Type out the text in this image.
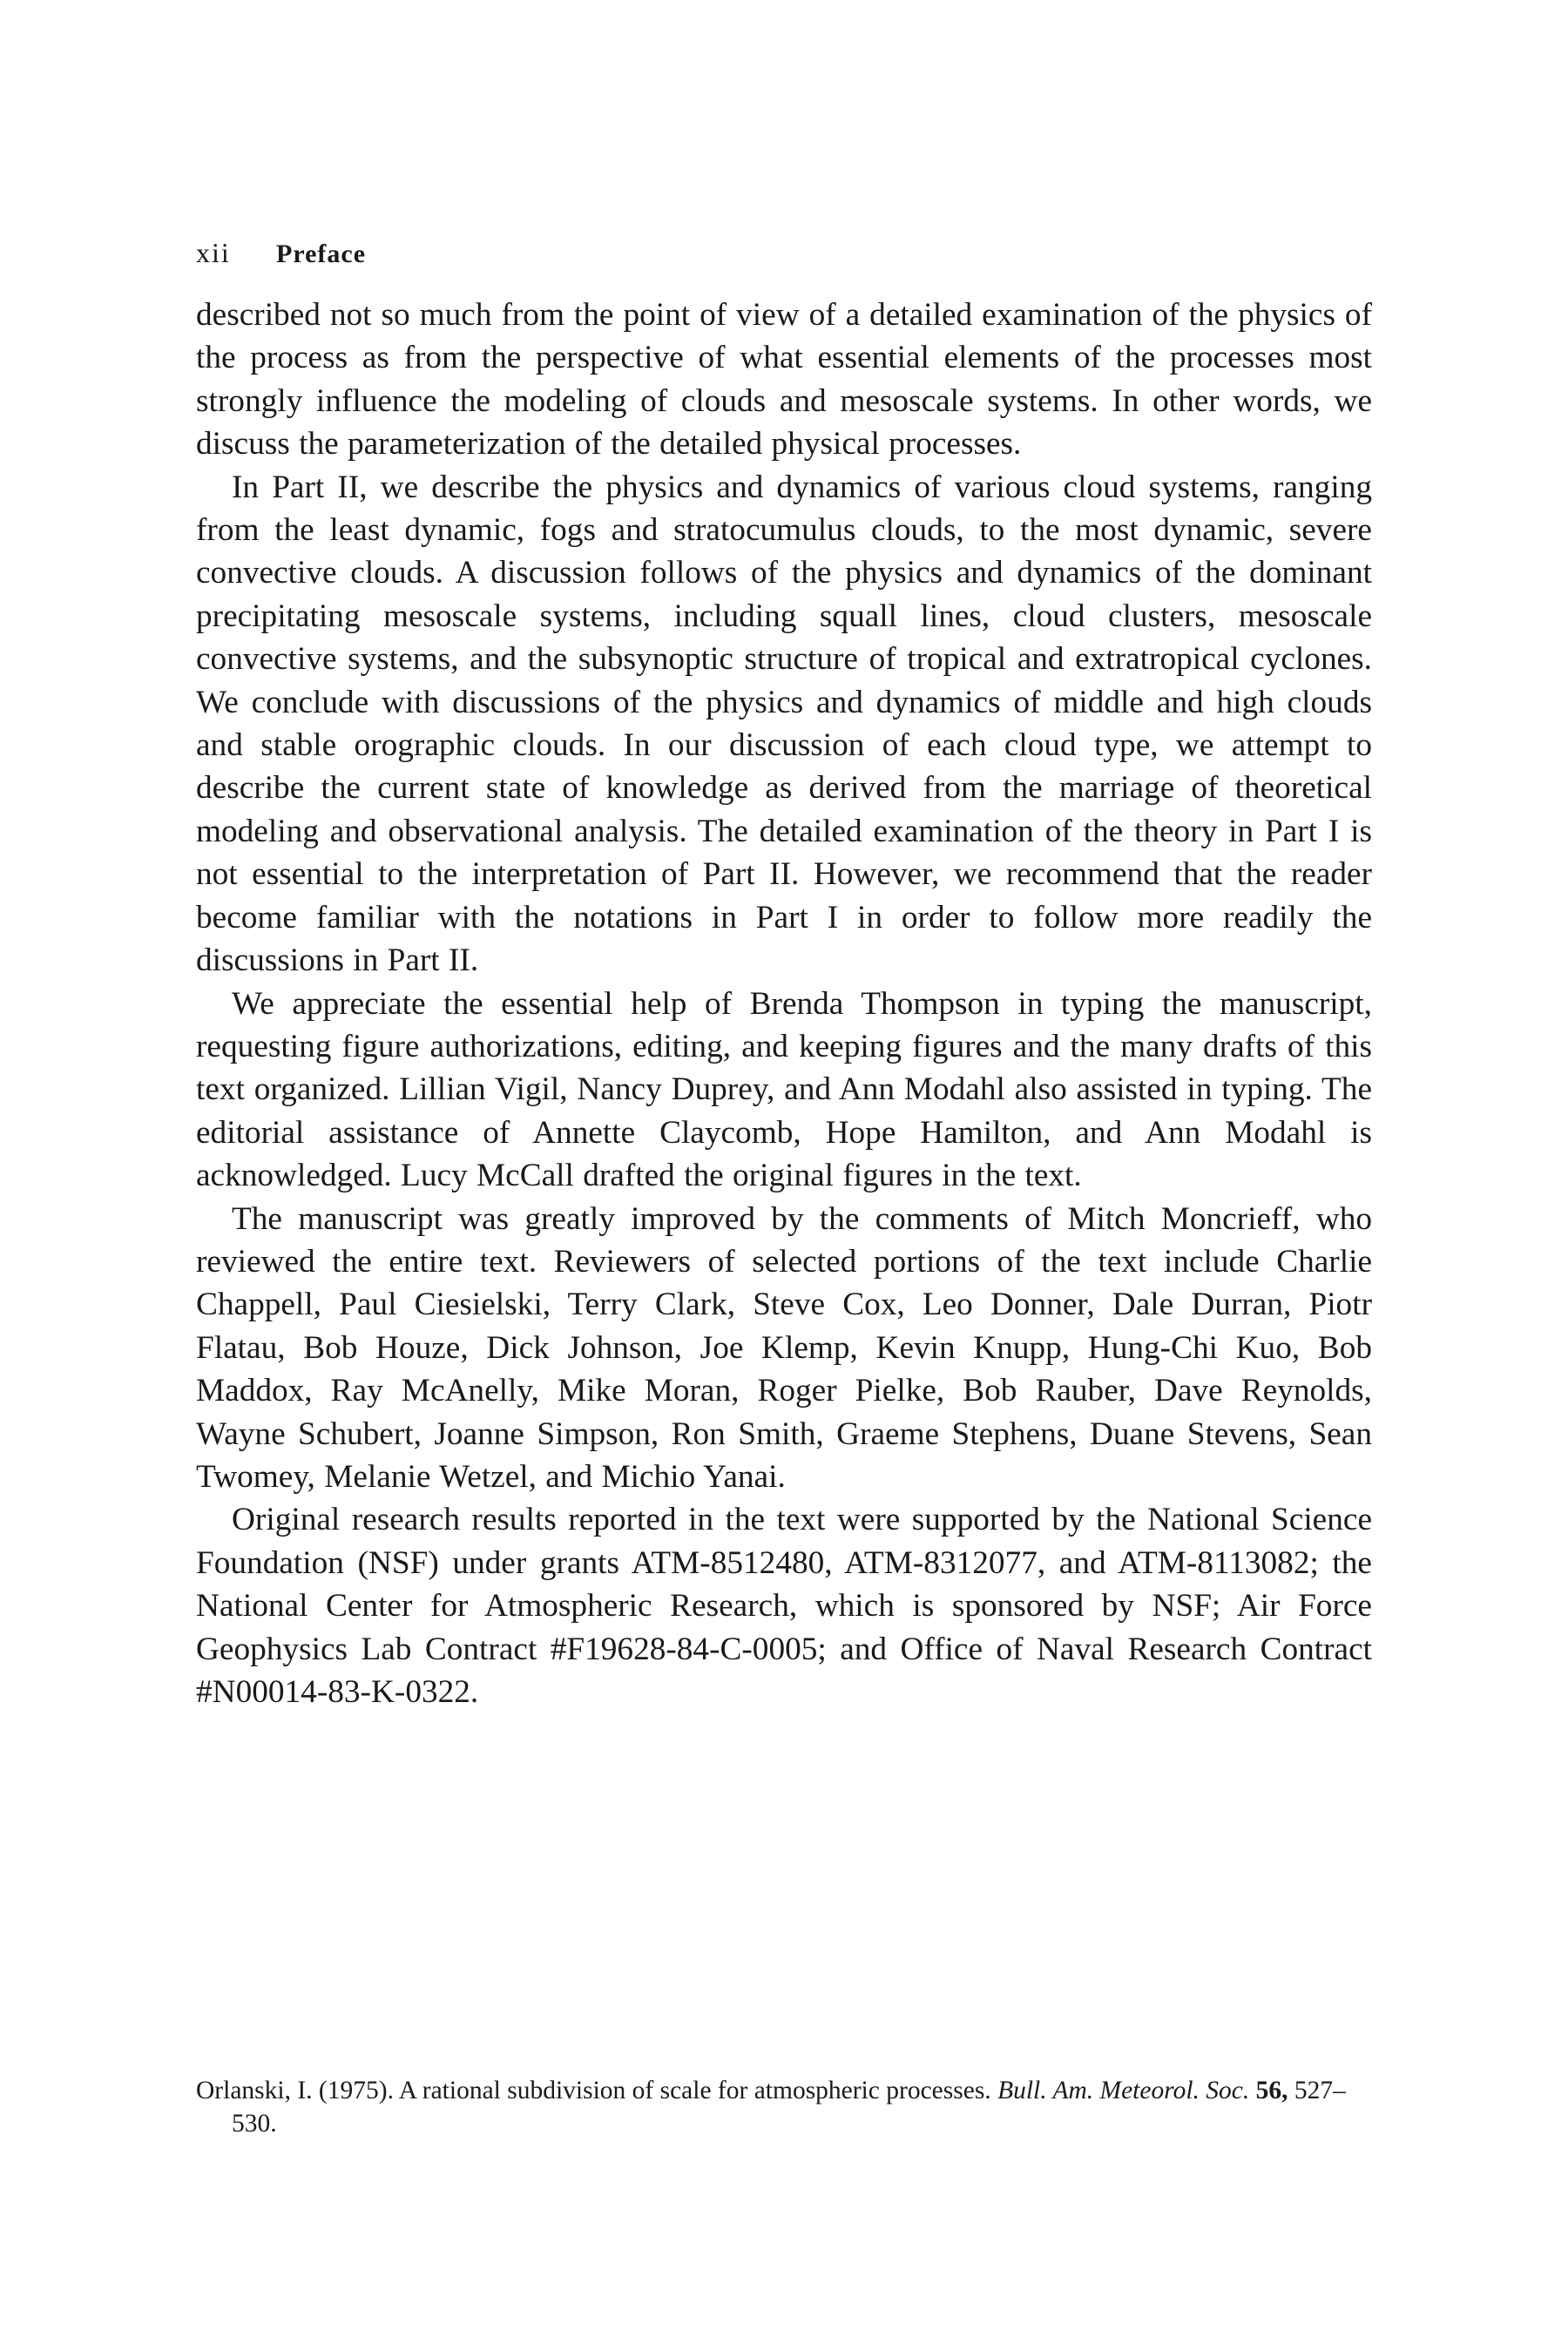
xii Preface

described not so much from the point of view of a detailed examination of the physics of the process as from the perspective of what essential elements of the processes most strongly influence the modeling of clouds and mesoscale systems. In other words, we discuss the parameterization of the detailed physical processes.

In Part II, we describe the physics and dynamics of various cloud systems, ranging from the least dynamic, fogs and stratocumulus clouds, to the most dynamic, severe convective clouds. A discussion follows of the physics and dynamics of the dominant precipitating mesoscale systems, including squall lines, cloud clusters, mesoscale convective systems, and the subsynoptic structure of tropical and extratropical cyclones. We conclude with discussions of the physics and dynamics of middle and high clouds and stable orographic clouds. In our discussion of each cloud type, we attempt to describe the current state of knowledge as derived from the marriage of theoretical modeling and observational analysis. The detailed examination of the theory in Part I is not essential to the interpretation of Part II. However, we recommend that the reader become familiar with the notations in Part I in order to follow more readily the discussions in Part II.

We appreciate the essential help of Brenda Thompson in typing the manuscript, requesting figure authorizations, editing, and keeping figures and the many drafts of this text organized. Lillian Vigil, Nancy Duprey, and Ann Modahl also assisted in typing. The editorial assistance of Annette Claycomb, Hope Hamilton, and Ann Modahl is acknowledged. Lucy McCall drafted the original figures in the text.

The manuscript was greatly improved by the comments of Mitch Moncrieff, who reviewed the entire text. Reviewers of selected portions of the text include Charlie Chappell, Paul Ciesielski, Terry Clark, Steve Cox, Leo Donner, Dale Durran, Piotr Flatau, Bob Houze, Dick Johnson, Joe Klemp, Kevin Knupp, Hung-Chi Kuo, Bob Maddox, Ray McAnelly, Mike Moran, Roger Pielke, Bob Rauber, Dave Reynolds, Wayne Schubert, Joanne Simpson, Ron Smith, Graeme Stephens, Duane Stevens, Sean Twomey, Melanie Wetzel, and Michio Yanai.

Original research results reported in the text were supported by the National Science Foundation (NSF) under grants ATM-8512480, ATM-8312077, and ATM-8113082; the National Center for Atmospheric Research, which is sponsored by NSF; Air Force Geophysics Lab Contract #F19628-84-C-0005; and Office of Naval Research Contract #N00014-83-K-0322.

Orlanski, I. (1975). A rational subdivision of scale for atmospheric processes. Bull. Am. Meteorol. Soc. 56, 527–530.
